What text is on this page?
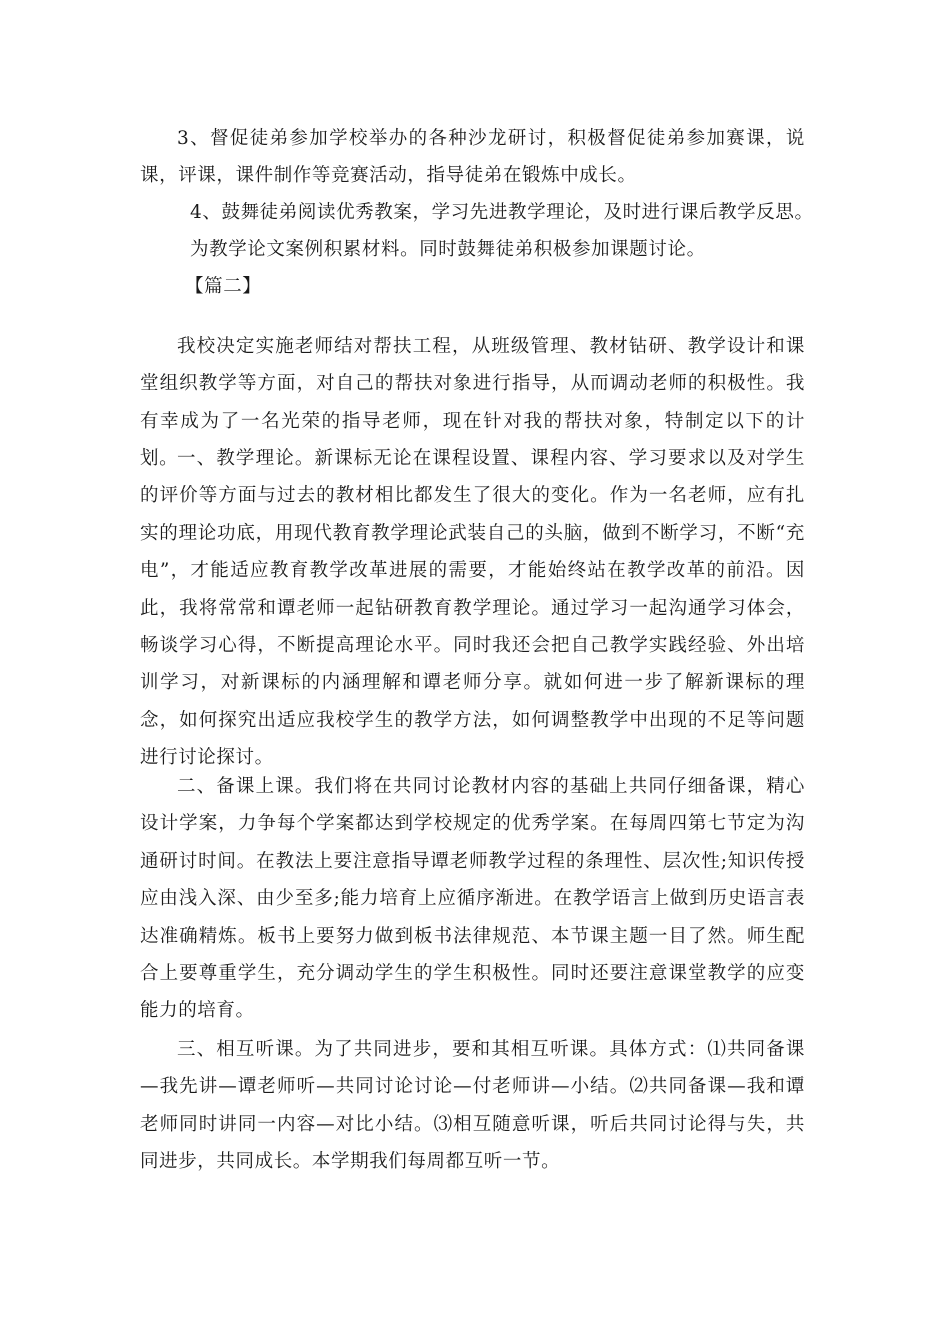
3、督促徒弟参加学校举办的各种沙龙研讨，积极督促徒弟参加赛课，说课，评课，课件制作等竞赛活动，指导徒弟在锻炼中成长。

4、鼓舞徒弟阅读优秀教案，学习先进教学理论，及时进行课后教学反思。

为教学论文案例积累材料。同时鼓舞徒弟积极参加课题讨论。

【篇二】

我校决定实施老师结对帮扶工程，从班级管理、教材钻研、教学设计和课堂组织教学等方面，对自己的帮扶对象进行指导，从而调动老师的积极性。我有幸成为了一名光荣的指导老师，现在针对我的帮扶对象，特制定以下的计划。

一、教学理论。新课标无论在课程设置、课程内容、学习要求以及对学生的评价等方面与过去的教材相比都发生了很大的变化。作为一名老师，应有扎实的理论功底，用现代教育教学理论武装自己的头脑，做到不断学习，不断“充电”，才能适应教育教学改革进展的需要，才能始终站在教学改革的前沿。因此，我将常常和谭老师一起钻研教育教学理论。通过学习一起沟通学习体会，畅谈学习心得，不断提高理论水平。同时我还会把自己教学实践经验、外出培训学习，对新课标的内涵理解和谭老师分享。就如何进一步了解新课标的理念，如何探究出适应我校学生的教学方法，如何调整教学中出现的不足等问题进行讨论探讨。

二、备课上课。我们将在共同讨论教材内容的基础上共同仔细备课，精心设计学案，力争每个学案都达到学校规定的优秀学案。在每周四第七节定为沟通研讨时间。在教法上要注意指导谭老师教学过程的条理性、层次性;知识传授应由浅入深、由少至多;能力培育上应循序渐进。在教学语言上做到历史语言表达准确精炼。板书上要努力做到板书法律规范、本节课主题一目了然。师生配合上要尊重学生，充分调动学生的学生积极性。同时还要注意课堂教学的应变能力的培育。

三、相互听课。为了共同进步，要和其相互听课。具体方式：⑴共同备课—我先讲—谭老师听—共同讨论讨论—付老师讲—小结。⑵共同备课—我和谭老师同时讲同一内容—对比小结。⑶相互随意听课，听后共同讨论得与失，共同进步，共同成长。本学期我们每周都互听一节。
